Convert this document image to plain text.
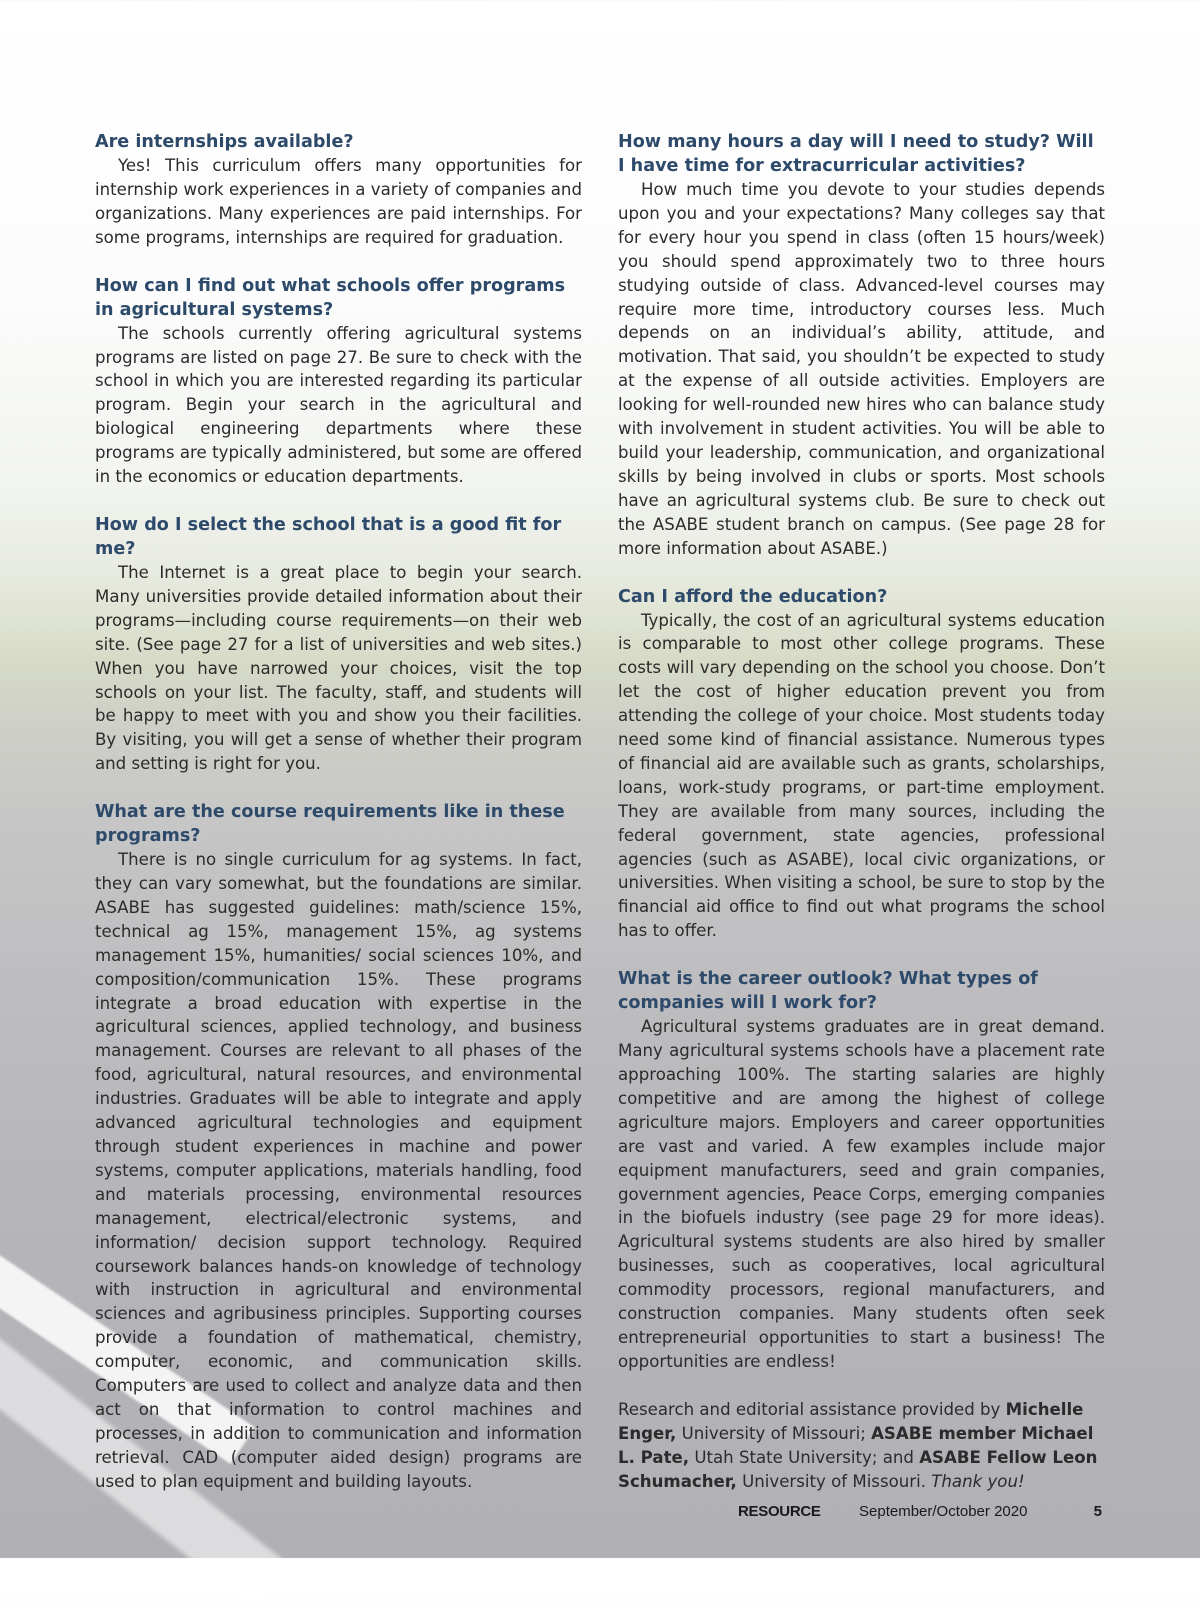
Are internships available?

Yes! This curriculum offers many opportunities for internship work experiences in a variety of companies and organizations. Many experiences are paid internships. For some programs, internships are required for graduation.

How can I find out what schools offer programs in agricultural systems?

The schools currently offering agricultural systems programs are listed on page 27. Be sure to check with the school in which you are interested regarding its particular program. Begin your search in the agricultural and biological engineering departments where these programs are typically administered, but some are offered in the economics or education departments.

How do I select the school that is a good fit for me?

The Internet is a great place to begin your search. Many universities provide detailed information about their programs—including course requirements—on their web site. (See page 27 for a list of universities and web sites.) When you have narrowed your choices, visit the top schools on your list. The faculty, staff, and students will be happy to meet with you and show you their facilities. By visiting, you will get a sense of whether their program and setting is right for you.

What are the course requirements like in these programs?

There is no single curriculum for ag systems. In fact, they can vary somewhat, but the foundations are similar. ASABE has suggested guidelines: math/science 15%, technical ag 15%, management 15%, ag systems management 15%, humanities/ social sciences 10%, and composition/communication 15%. These programs integrate a broad education with expertise in the agricultural sciences, applied technology, and business management. Courses are relevant to all phases of the food, agricultural, natural resources, and environmental industries. Graduates will be able to integrate and apply advanced agricultural technologies and equipment through student experiences in machine and power systems, computer applications, materials handling, food and materials processing, environmental resources management, electrical/electronic systems, and information/ decision support technology. Required coursework balances hands-on knowledge of technology with instruction in agricultural and environmental sciences and agribusiness principles. Supporting courses provide a foundation of mathematical, chemistry, computer, economic, and communication skills. Computers are used to collect and analyze data and then act on that information to control machines and processes, in addition to communication and information retrieval. CAD (computer aided design) programs are used to plan equipment and building layouts.

How many hours a day will I need to study? Will I have time for extracurricular activities?

How much time you devote to your studies depends upon you and your expectations? Many colleges say that for every hour you spend in class (often 15 hours/week) you should spend approximately two to three hours studying outside of class. Advanced-level courses may require more time, introductory courses less. Much depends on an individual’s ability, attitude, and motivation. That said, you shouldn’t be expected to study at the expense of all outside activities. Employers are looking for well-rounded new hires who can balance study with involvement in student activities. You will be able to build your leadership, communication, and organizational skills by being involved in clubs or sports. Most schools have an agricultural systems club. Be sure to check out the ASABE student branch on campus. (See page 28 for more information about ASABE.)

Can I afford the education?

Typically, the cost of an agricultural systems education is comparable to most other college programs. These costs will vary depending on the school you choose. Don’t let the cost of higher education prevent you from attending the college of your choice. Most students today need some kind of financial assistance. Numerous types of financial aid are available such as grants, scholarships, loans, work-study programs, or part-time employment. They are available from many sources, including the federal government, state agencies, professional agencies (such as ASABE), local civic organizations, or universities. When visiting a school, be sure to stop by the financial aid office to find out what programs the school has to offer.

What is the career outlook? What types of companies will I work for?

Agricultural systems graduates are in great demand. Many agricultural systems schools have a placement rate approaching 100%. The starting salaries are highly competitive and are among the highest of college agriculture majors. Employers and career opportunities are vast and varied. A few examples include major equipment manufacturers, seed and grain companies, government agencies, Peace Corps, emerging companies in the biofuels industry (see page 29 for more ideas). Agricultural systems students are also hired by smaller businesses, such as cooperatives, local agricultural commodity processors, regional manufacturers, and construction companies. Many students often seek entrepreneurial opportunities to start a business! The opportunities are endless!

Research and editorial assistance provided by Michelle Enger, University of Missouri; ASABE member Michael L. Pate, Utah State University; and ASABE Fellow Leon Schumacher, University of Missouri. Thank you!

RESOURCE	September/October 2020	5
